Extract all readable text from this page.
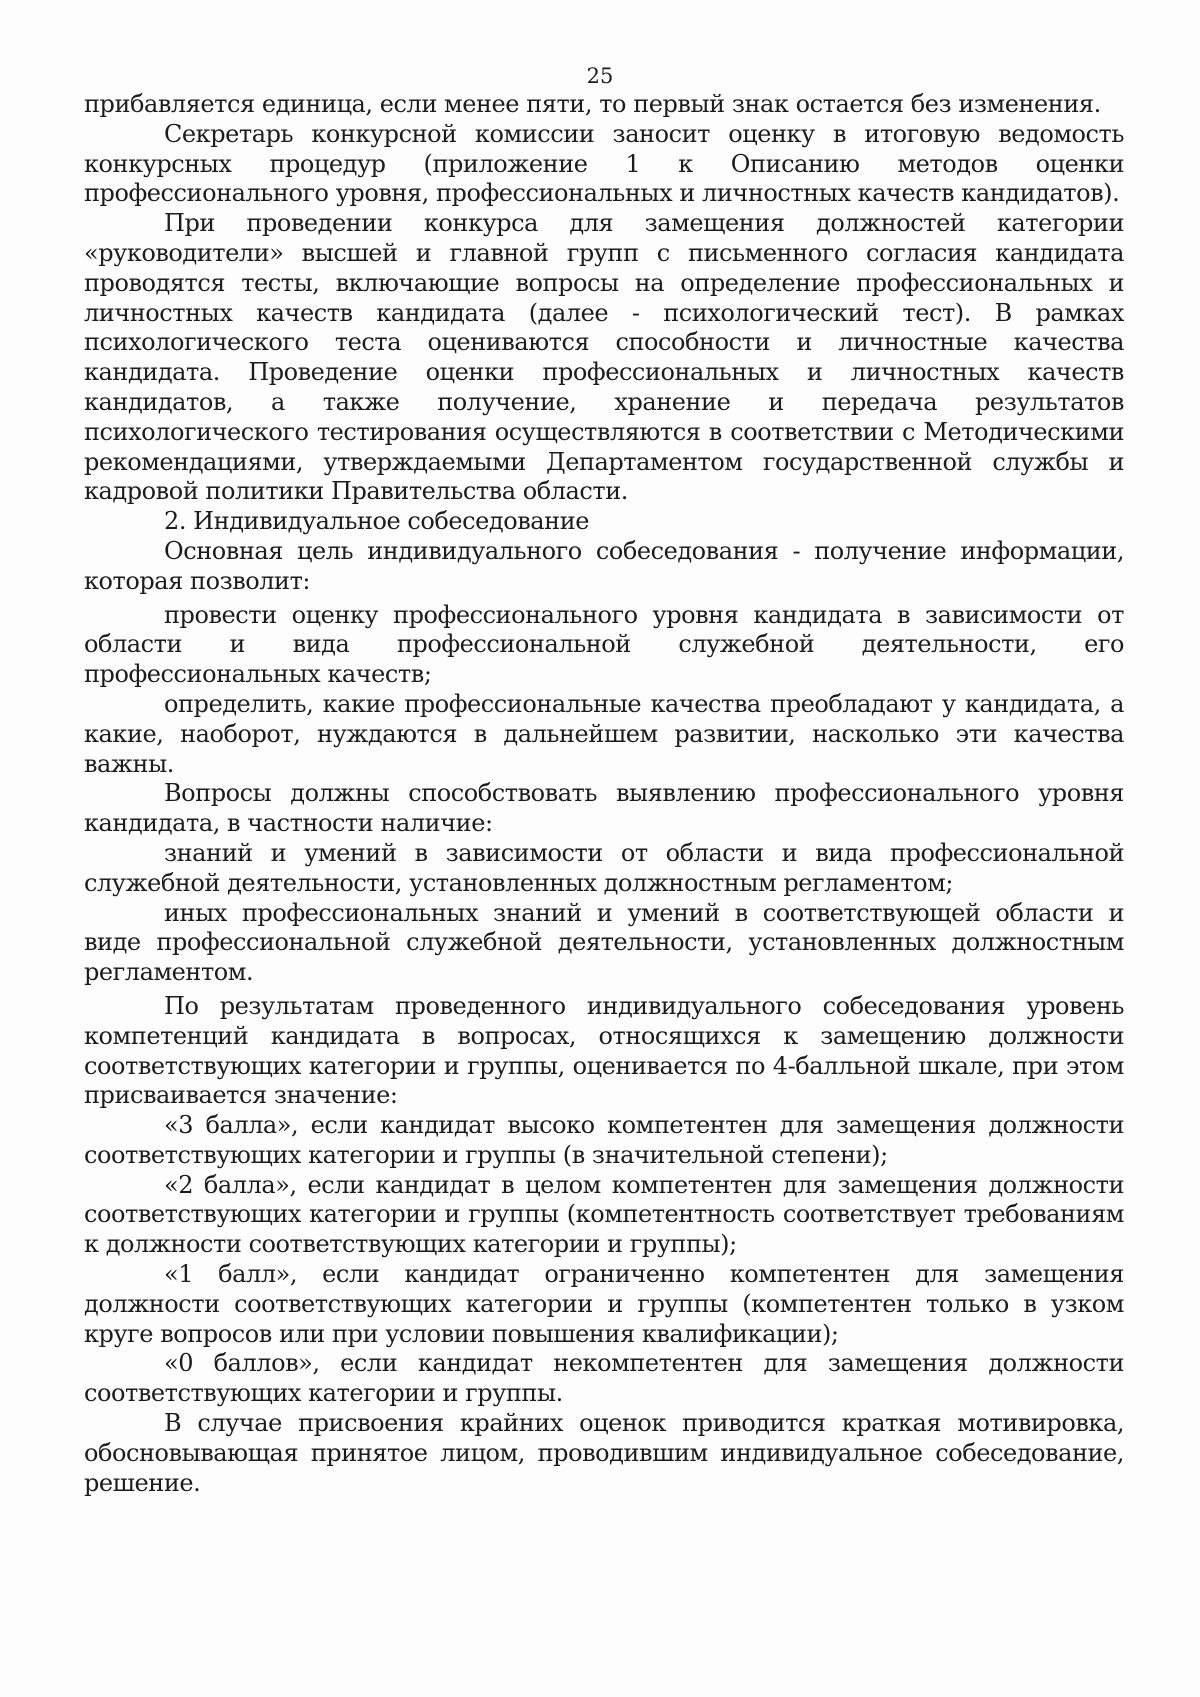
25

прибавляется единица, если менее пяти, то первый знак остается без изменения.

Секретарь конкурсной комиссии заносит оценку в итоговую ведомость конкурсных процедур (приложение 1 к Описанию методов оценки профессионального уровня, профессиональных и личностных качеств кандидатов).

При проведении конкурса для замещения должностей категории «руководители» высшей и главной групп с письменного согласия кандидата проводятся тесты, включающие вопросы на определение профессиональных и личностных качеств кандидата (далее - психологический тест). В рамках психологического теста оцениваются способности и личностные качества кандидата. Проведение оценки профессиональных и личностных качеств кандидатов, а также получение, хранение и передача результатов психологического тестирования осуществляются в соответствии с Методическими рекомендациями, утверждаемыми Департаментом государственной службы и кадровой политики Правительства области.

2. Индивидуальное собеседование

Основная цель индивидуального собеседования - получение информации, которая позволит:

провести оценку профессионального уровня кандидата в зависимости от области и вида профессиональной служебной деятельности, его профессиональных качеств;

определить, какие профессиональные качества преобладают у кандидата, а какие, наоборот, нуждаются в дальнейшем развитии, насколько эти качества важны.

Вопросы должны способствовать выявлению профессионального уровня кандидата, в частности наличие:

знаний и умений в зависимости от области и вида профессиональной служебной деятельности, установленных должностным регламентом;

иных профессиональных знаний и умений в соответствующей области и виде профессиональной служебной деятельности, установленных должностным регламентом.

По результатам проведенного индивидуального собеседования уровень компетенций кандидата в вопросах, относящихся к замещению должности соответствующих категории и группы, оценивается по 4-балльной шкале, при этом присваивается значение:

«3 балла», если кандидат высоко компетентен для замещения должности соответствующих категории и группы (в значительной степени);

«2 балла», если кандидат в целом компетентен для замещения должности соответствующих категории и группы (компетентность соответствует требованиям к должности соответствующих категории и группы);

«1 балл», если кандидат ограниченно компетентен для замещения должности соответствующих категории и группы (компетентен только в узком круге вопросов или при условии повышения квалификации);

«0 баллов», если кандидат некомпетентен для замещения должности соответствующих категории и группы.

В случае присвоения крайних оценок приводится краткая мотивировка, обосновывающая принятое лицом, проводившим индивидуальное собеседование, решение.
